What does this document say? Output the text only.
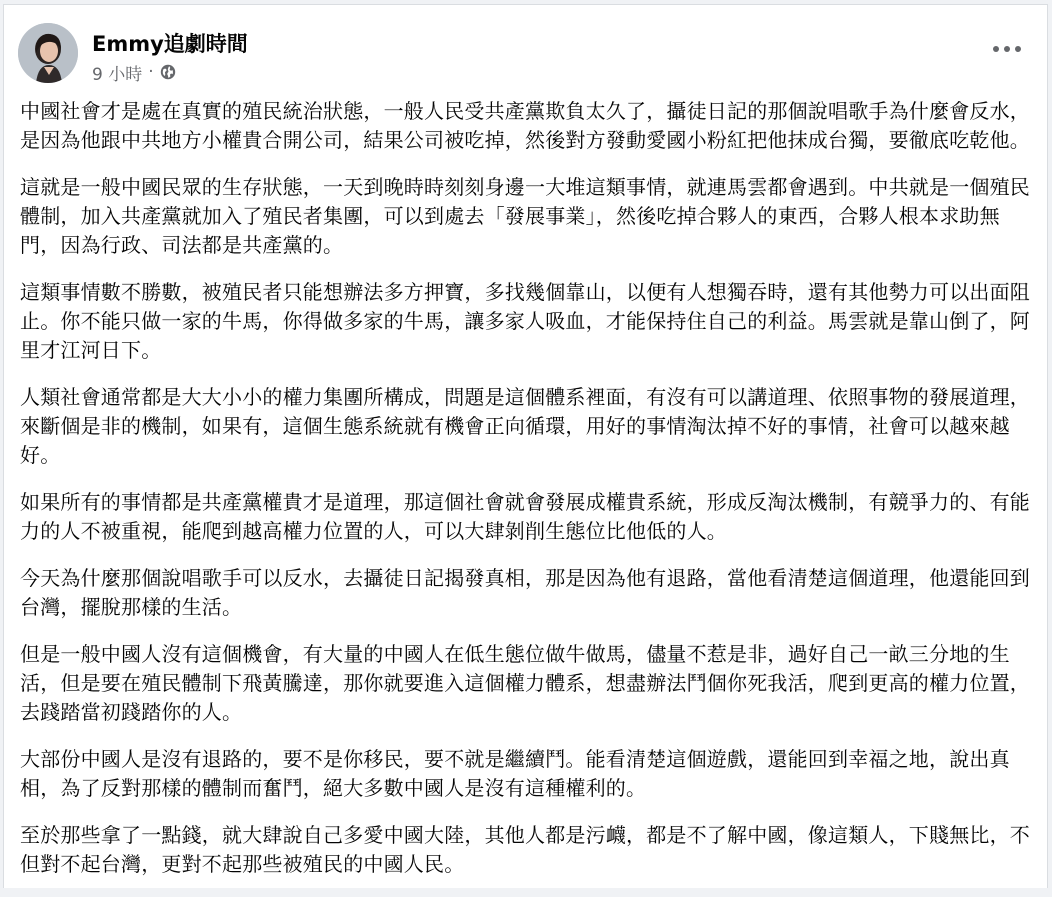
Emmy追劇時間
9 小時 ·

中國社會才是處在真實的殖民統治狀態，一般人民受共產黨欺負太久了，攝徒日記的那個說唱歌手為什麼會反水，是因為他跟中共地方小權貴合開公司，結果公司被吃掉，然後對方發動愛國小粉紅把他抹成台獨，要徹底吃乾他。

這就是一般中國民眾的生存狀態，一天到晚時時刻刻身邊一大堆這類事情，就連馬雲都會遇到。中共就是一個殖民體制，加入共產黨就加入了殖民者集團，可以到處去「發展事業」，然後吃掉合夥人的東西，合夥人根本求助無門，因為行政、司法都是共產黨的。

這類事情數不勝數，被殖民者只能想辦法多方押寶，多找幾個靠山，以便有人想獨吞時，還有其他勢力可以出面阻止。你不能只做一家的牛馬，你得做多家的牛馬，讓多家人吸血，才能保持住自己的利益。馬雲就是靠山倒了，阿里才江河日下。

人類社會通常都是大大小小的權力集團所構成，問題是這個體系裡面，有沒有可以講道理、依照事物的發展道理，來斷個是非的機制，如果有，這個生態系統就有機會正向循環，用好的事情淘汰掉不好的事情，社會可以越來越好。

如果所有的事情都是共產黨權貴才是道理，那這個社會就會發展成權貴系統，形成反淘汰機制，有競爭力的、有能力的人不被重視，能爬到越高權力位置的人，可以大肆剝削生態位比他低的人。

今天為什麼那個說唱歌手可以反水，去攝徒日記揭發真相，那是因為他有退路，當他看清楚這個道理，他還能回到台灣，擺脫那樣的生活。

但是一般中國人沒有這個機會，有大量的中國人在低生態位做牛做馬，儘量不惹是非，過好自己一畝三分地的生活，但是要在殖民體制下飛黃騰達，那你就要進入這個權力體系，想盡辦法鬥個你死我活，爬到更高的權力位置，去踐踏當初踐踏你的人。

大部份中國人是沒有退路的，要不是你移民，要不就是繼續鬥。能看清楚這個遊戲，還能回到幸福之地，說出真相，為了反對那樣的體制而奮鬥，絕大多數中國人是沒有這種權利的。

至於那些拿了一點錢，就大肆說自己多愛中國大陸，其他人都是污衊，都是不了解中國，像這類人，下賤無比，不但對不起台灣，更對不起那些被殖民的中國人民。
